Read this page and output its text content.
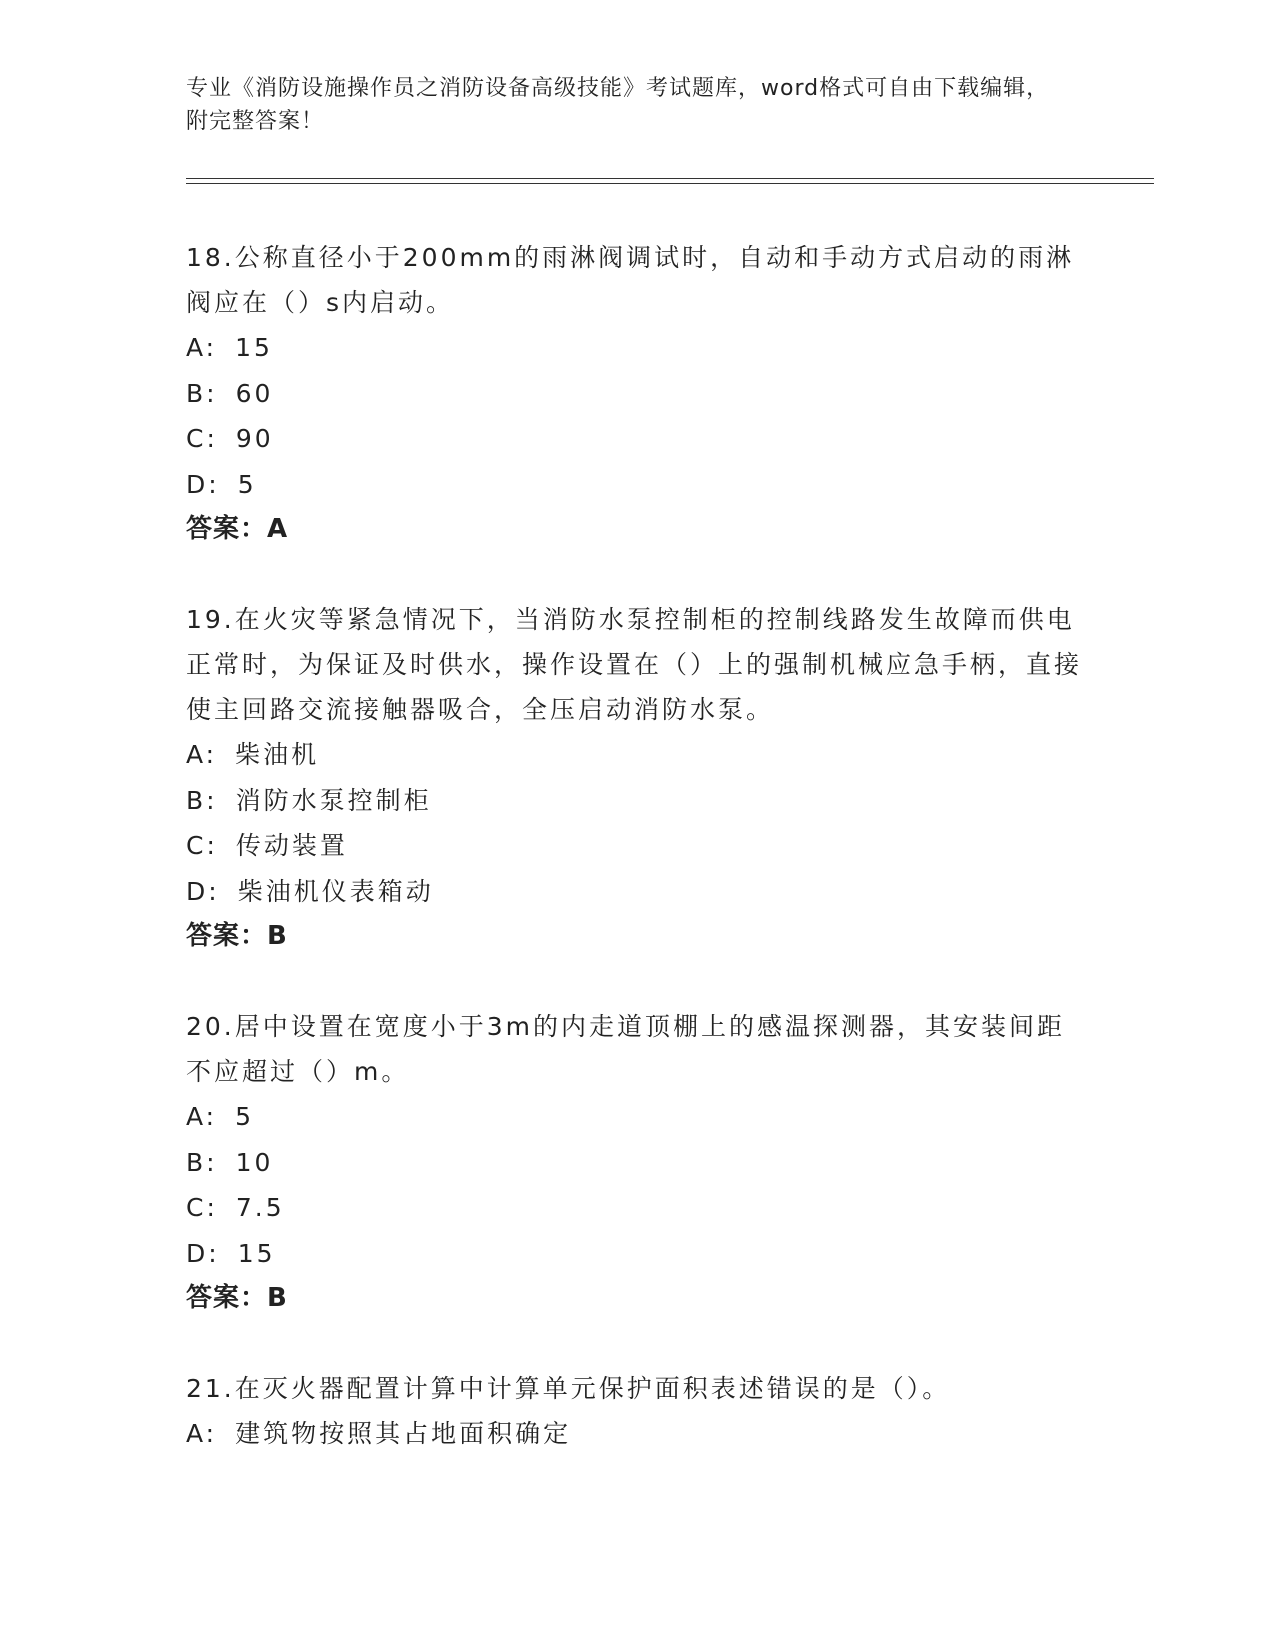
专业《消防设施操作员之消防设备高级技能》考试题库，word格式可自由下载编辑，附完整答案！

18.公称直径小于200mm的雨淋阀调试时，自动和手动方式启动的雨淋阀应在（）s内启动。

A: 15

B: 60

C: 90

D: 5

答案：A

19.在火灾等紧急情况下，当消防水泵控制柜的控制线路发生故障而供电正常时，为保证及时供水，操作设置在（）上的强制机械应急手柄，直接使主回路交流接触器吸合，全压启动消防水泵。

A: 柴油机

B: 消防水泵控制柜

C: 传动装置

D: 柴油机仪表箱动

答案：B

20.居中设置在宽度小于3m的内走道顶棚上的感温探测器，其安装间距不应超过（）m。

A: 5

B: 10

C: 7.5

D: 15

答案：B

21.在灭火器配置计算中计算单元保护面积表述错误的是（）。

A: 建筑物按照其占地面积确定
